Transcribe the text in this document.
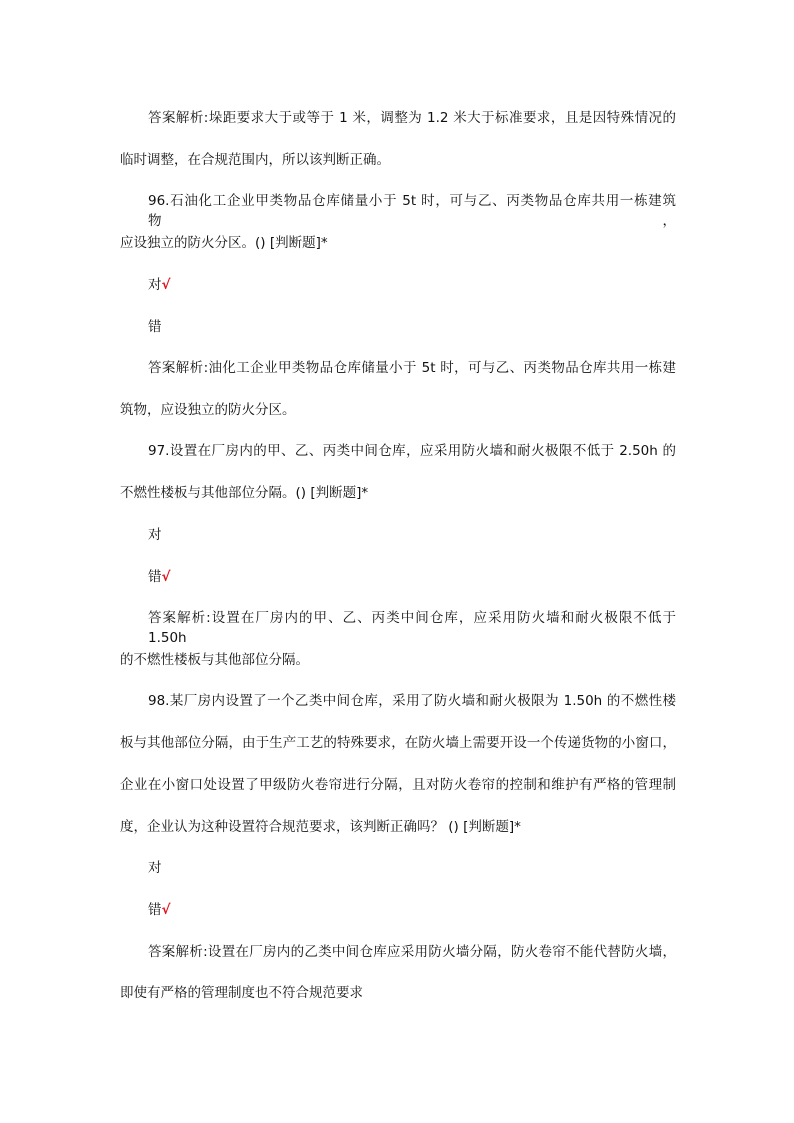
答案解析:垛距要求大于或等于 1 米，调整为 1.2 米大于标准要求，且是因特殊情况的
临时调整，在合规范围内，所以该判断正确。
96.石油化工企业甲类物品仓库储量小于 5t 时，可与乙、丙类物品仓库共用一栋建筑物，
应设独立的防火分区。() [判断题]*
对√
错
答案解析:油化工企业甲类物品仓库储量小于 5t 时，可与乙、丙类物品仓库共用一栋建
筑物，应设独立的防火分区。
97.设置在厂房内的甲、乙、丙类中间仓库，应采用防火墙和耐火极限不低于 2.50h 的
不燃性楼板与其他部位分隔。() [判断题]*
对
错√
答案解析:设置在厂房内的甲、乙、丙类中间仓库，应采用防火墙和耐火极限不低于 1.50h
的不燃性楼板与其他部位分隔。
98.某厂房内设置了一个乙类中间仓库，采用了防火墙和耐火极限为 1.50h 的不燃性楼
板与其他部位分隔，由于生产工艺的特殊要求，在防火墙上需要开设一个传递货物的小窗口，
企业在小窗口处设置了甲级防火卷帘进行分隔，且对防火卷帘的控制和维护有严格的管理制
度，企业认为这种设置符合规范要求，该判断正确吗？ () [判断题]*
对
错√
答案解析:设置在厂房内的乙类中间仓库应采用防火墙分隔，防火卷帘不能代替防火墙，
即使有严格的管理制度也不符合规范要求
